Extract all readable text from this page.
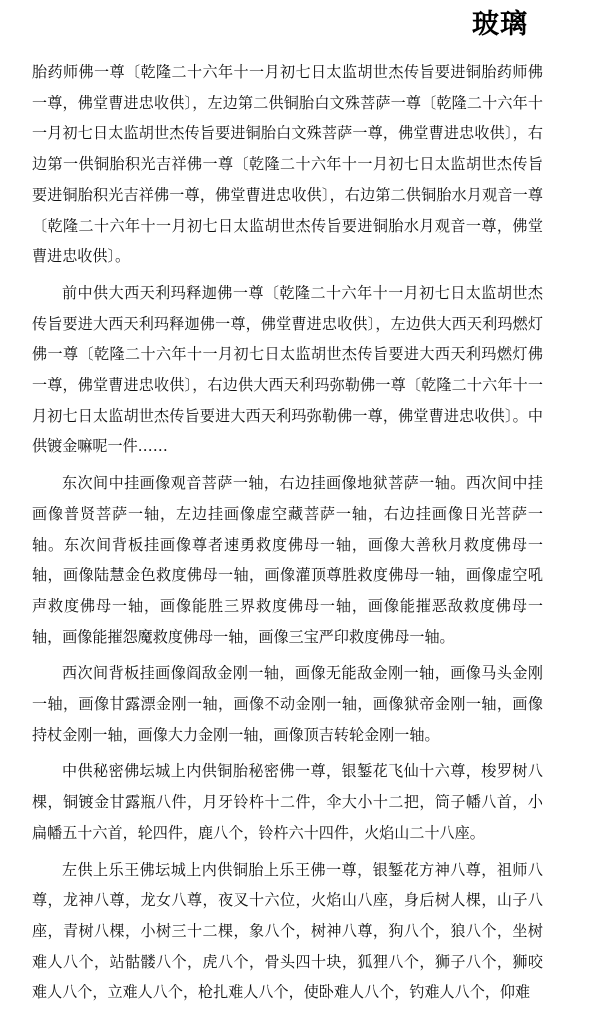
玻璃

胎药师佛一尊〔乾隆二十六年十一月初七日太监胡世杰传旨要进铜胎药师佛一尊，佛堂曹进忠收供〕，左边第二供铜胎白文殊菩萨一尊〔乾隆二十六年十一月初七日太监胡世杰传旨要进铜胎白文殊菩萨一尊，佛堂曹进忠收供〕，右边第一供铜胎积光吉祥佛一尊〔乾隆二十六年十一月初七日太监胡世杰传旨要进铜胎积光吉祥佛一尊，佛堂曹进忠收供〕，右边第二供铜胎水月观音一尊〔乾隆二十六年十一月初七日太监胡世杰传旨要进铜胎水月观音一尊，佛堂曹进忠收供〕。

前中供大西天利玛释迦佛一尊〔乾隆二十六年十一月初七日太监胡世杰传旨要进大西天利玛释迦佛一尊，佛堂曹进忠收供〕，左边供大西天利玛燃灯佛一尊〔乾隆二十六年十一月初七日太监胡世杰传旨要进大西天利玛燃灯佛一尊，佛堂曹进忠收供〕，右边供大西天利玛弥勒佛一尊〔乾隆二十六年十一月初七日太监胡世杰传旨要进大西天利玛弥勒佛一尊，佛堂曹进忠收供〕。中供镀金嘛呢一件……

东次间中挂画像观音菩萨一轴，右边挂画像地狱菩萨一轴。西次间中挂画像普贤菩萨一轴，左边挂画像虚空藏菩萨一轴，右边挂画像日光菩萨一轴。东次间背板挂画像尊者速勇救度佛母一轴，画像大善秋月救度佛母一轴，画像陆慧金色救度佛母一轴，画像灌顶尊胜救度佛母一轴，画像虚空吼声救度佛母一轴，画像能胜三界救度佛母一轴，画像能摧恶敌救度佛母一轴，画像能摧怨魔救度佛母一轴，画像三宝严印救度佛母一轴。

西次间背板挂画像阎敌金刚一轴，画像无能敌金刚一轴，画像马头金刚一轴，画像甘露漂金刚一轴，画像不动金刚一轴，画像狱帝金刚一轴，画像持杖金刚一轴，画像大力金刚一轴，画像顶吉转轮金刚一轴。

中供秘密佛坛城上内供铜胎秘密佛一尊，银錾花飞仙十六尊，梭罗树八棵，铜镀金甘露瓶八件，月牙铃杵十二件，伞大小十二把，筒子幡八首，小扁幡五十六首，轮四件，鹿八个，铃杵六十四件，火焰山二十八座。

左供上乐王佛坛城上内供铜胎上乐王佛一尊，银錾花方神八尊，祖师八尊，龙神八尊，龙女八尊，夜叉十六位，火焰山八座，身后树人棵，山子八座，青树八棵，小树三十二棵，象八个，树神八尊，狗八个，狼八个，坐树难人八个，站骷髅八个，虎八个，骨头四十块，狐狸八个，狮子八个，狮咬难人八个，立难人八个，枪扎难人八个，使卧难人八个，钓难人八个，仰难
